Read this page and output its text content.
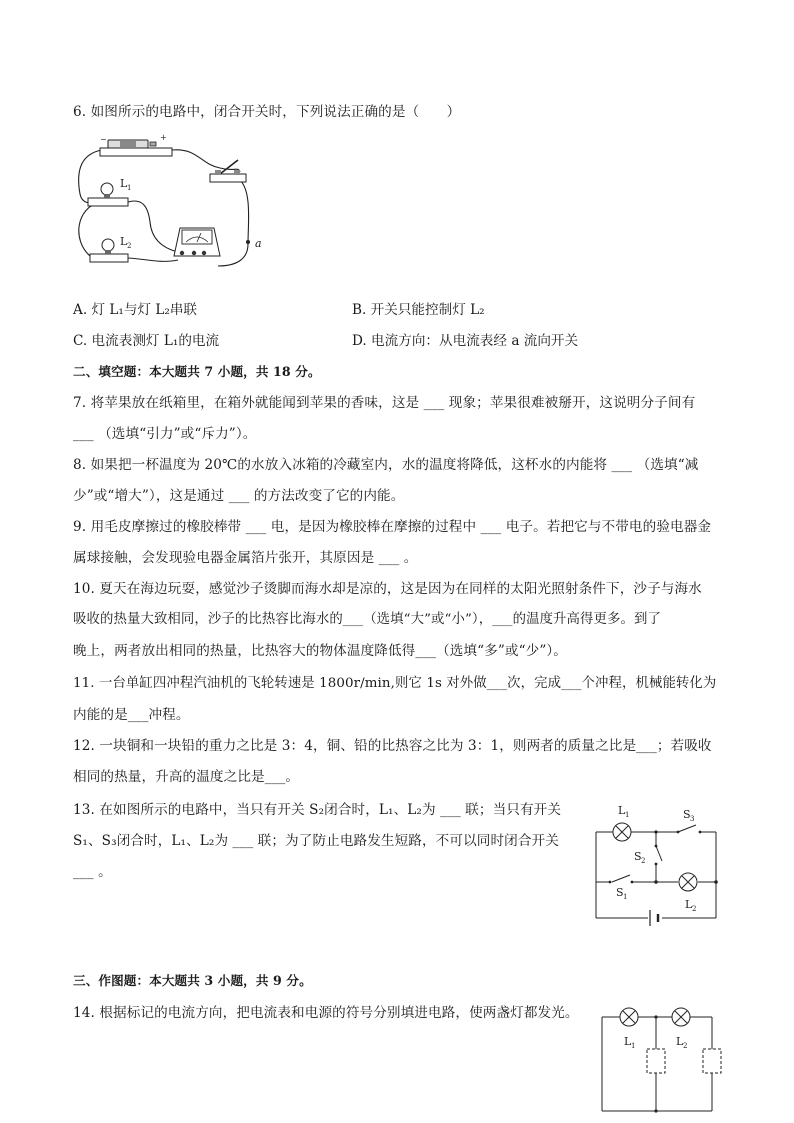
6. 如图所示的电路中，闭合开关时，下列说法正确的是（　　）
−	+
L 1
L 2	a
A. 灯 L₁与灯 L₂串联	B. 开关只能控制灯 L₂
C. 电流表测灯 L₁的电流	D. 电流方向：从电流表经 a 流向开关
二、填空题：本大题共 7 小题，共 18 分。
7. 将苹果放在纸箱里，在箱外就能闻到苹果的香味，这是 ___ 现象；苹果很难被掰开，这说明分子间有
___ （选填“引力”或“斥力”）。
8. 如果把一杯温度为 20℃的水放入冰箱的冷藏室内，水的温度将降低，这杯水的内能将 ___ （选填“减
少”或“增大”），这是通过 ___ 的方法改变了它的内能。
9. 用毛皮摩擦过的橡胶棒带 ___ 电，是因为橡胶棒在摩擦的过程中 ___ 电子。若把它与不带电的验电器金
属球接触，会发现验电器金属箔片张开，其原因是 ___ 。
10. 夏天在海边玩耍，感觉沙子烫脚而海水却是凉的，这是因为在同样的太阳光照射条件下，沙子与海水
吸收的热量大致相同，沙子的比热容比海水的___（选填“大”或“小”），___的温度升高得更多。到了
晚上，两者放出相同的热量，比热容大的物体温度降低得___（选填“多”或“少”）。
11. 一台单缸四冲程汽油机的飞轮转速是 1800r/min,则它 1s 对外做___次，完成___个冲程，机械能转化为
内能的是___冲程。
12. 一块铜和一块铅的重力之比是 3：4，铜、铅的比热容之比为 3：1，则两者的质量之比是___；若吸收
相同的热量，升高的温度之比是___。
13. 在如图所示的电路中，当只有开关 S₂闭合时，L₁、L₂为 ___ 联；当只有开关
S₁、S₃闭合时，L₁、L₂为 ___ 联；为了防止电路发生短路，不可以同时闭合开关
___ 。
L 1	S 3
S 2
S 1
L 2
三、作图题：本大题共 3 小题，共 9 分。
14. 根据标记的电流方向，把电流表和电源的符号分别填进电路，使两盏灯都发光。
L 1	L 2
